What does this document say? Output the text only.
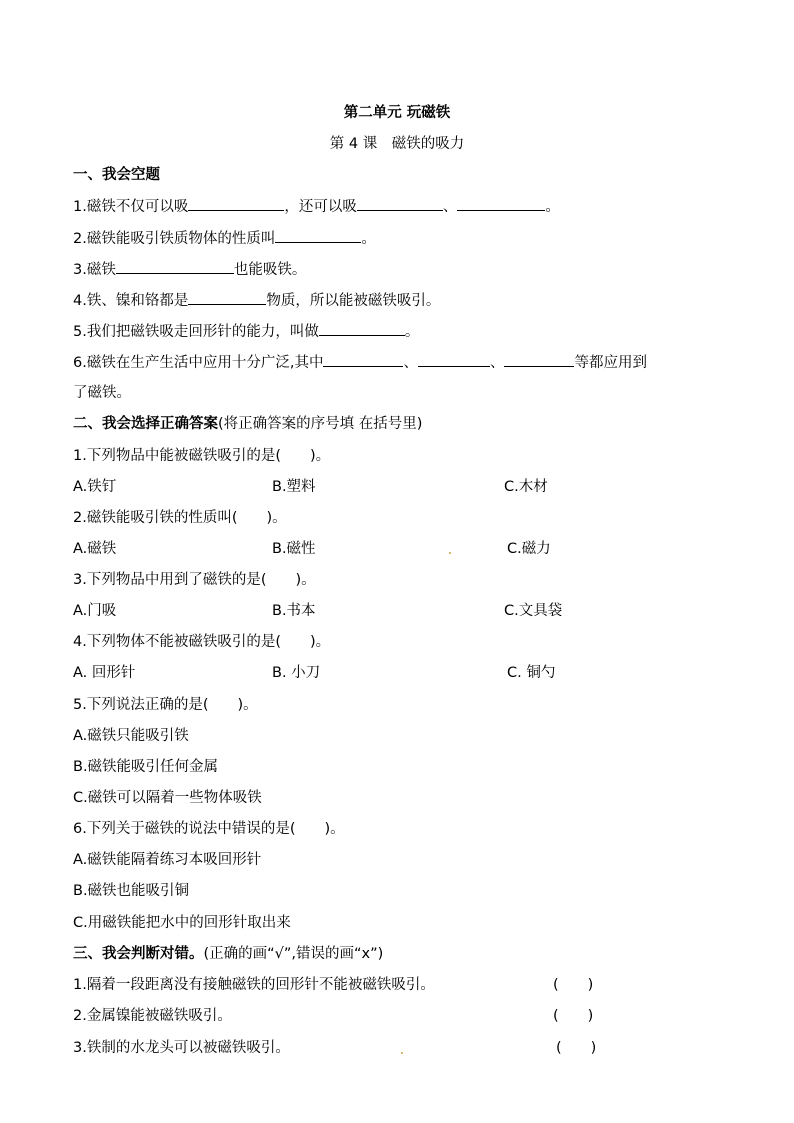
第二单元 玩磁铁
第 4 课　磁铁的吸力
一、我会空题
1.磁铁不仅可以吸	，还可以吸	、	。
2.磁铁能吸引铁质物体的性质叫	。
3.磁铁	也能吸铁。
4.铁、镍和铬都是	物质，所以能被磁铁吸引。
5.我们把磁铁吸走回形针的能力，叫做	。
6.磁铁在生产生活中应用十分广泛,其中	、	、	等都应用到
了磁铁。
二、我会选择正确答案(将正确答案的序号填 在括号里)
1.下列物品中能被磁铁吸引的是(　　)。
A.铁钉	B.塑料	C.木材
2.磁铁能吸引铁的性质叫(　　)。
A.磁铁	B.磁性	C.磁力
3.下列物品中用到了磁铁的是(　　)。
A.门吸	B.书本	C.文具袋
4.下列物体不能被磁铁吸引的是(　　)。
A. 回形针	B. 小刀	C. 铜勺
5.下列说法正确的是(　　)。
A.磁铁只能吸引铁
B.磁铁能吸引任何金属
C.磁铁可以隔着一些物体吸铁
6.下列关于磁铁的说法中错误的是(　　)。
A.磁铁能隔着练习本吸回形针
B.磁铁也能吸引铜
C.用磁铁能把水中的回形针取出来
三、我会判断对错。(正确的画“√”,错误的画“x”)
1.隔着一段距离没有接触磁铁的回形针不能被磁铁吸引。	(　　)
2.金属镍能被磁铁吸引。	(　　)
3.铁制的水龙头可以被磁铁吸引。	(　　)
